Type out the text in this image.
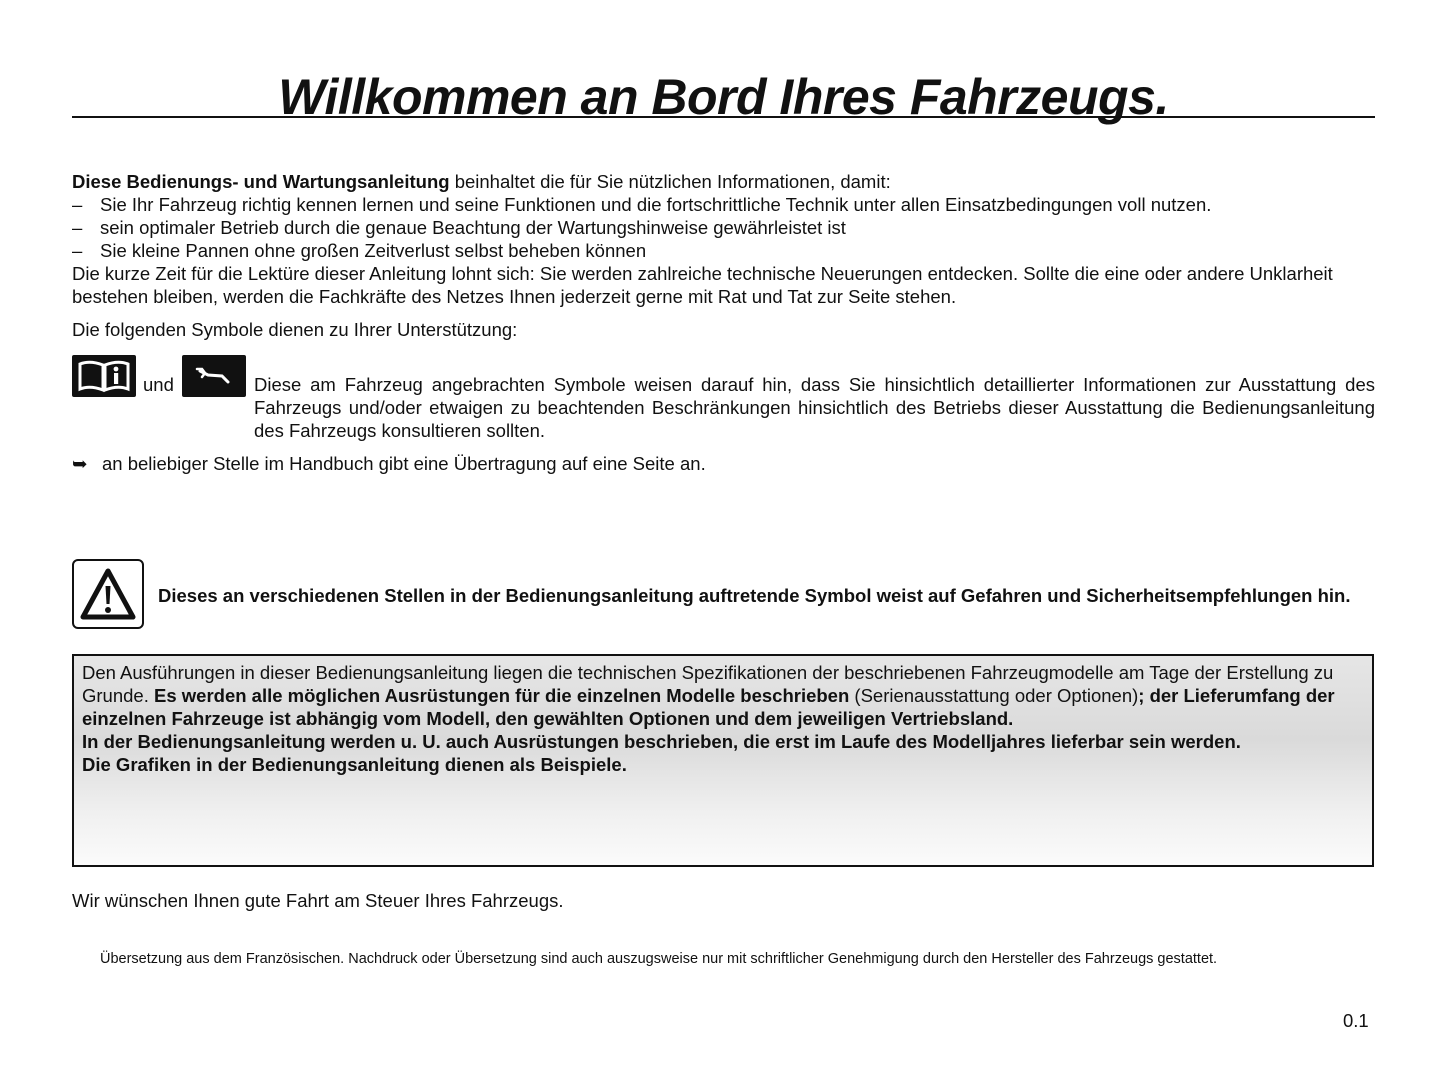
Willkommen an Bord Ihres Fahrzeugs.

Diese Bedienungs- und Wartungsanleitung beinhaltet die für Sie nützlichen Informationen, damit:

– Sie Ihr Fahrzeug richtig kennen lernen und seine Funktionen und die fortschrittliche Technik unter allen Einsatzbedingungen voll nutzen.
– sein optimaler Betrieb durch die genaue Beachtung der Wartungshinweise gewährleistet ist
– Sie kleine Pannen ohne großen Zeitverlust selbst beheben können

Die kurze Zeit für die Lektüre dieser Anleitung lohnt sich: Sie werden zahlreiche technische Neuerungen entdecken. Sollte die eine oder andere Unklarheit bestehen bleiben, werden die Fachkräfte des Netzes Ihnen jederzeit gerne mit Rat und Tat zur Seite stehen.

Die folgenden Symbole dienen zu Ihrer Unterstützung:
und	Diese am Fahrzeug angebrachten Symbole weisen darauf hin, dass Sie hinsichtlich detaillierter Informationen zur Ausstattung des Fahrzeugs und/oder etwaigen zu beachtenden Beschränkungen hinsichtlich des Betriebs dieser Ausstattung die Bedienungsanleitung des Fahrzeugs konsultieren sollten.
➥ an beliebiger Stelle im Handbuch gibt eine Übertragung auf eine Seite an.
Dieses an verschiedenen Stellen in der Bedienungsanleitung auftretende Symbol weist auf Gefahren und Sicherheitsempfehlungen hin.

Den Ausführungen in dieser Bedienungsanleitung liegen die technischen Spezifikationen der beschriebenen Fahrzeugmodelle am Tage der Erstellung zu Grunde. Es werden alle möglichen Ausrüstungen für die einzelnen Modelle beschrieben (Serienausstattung oder Optionen); der Lieferumfang der einzelnen Fahrzeuge ist abhängig vom Modell, den gewählten Optionen und dem jeweiligen Vertriebsland.

In der Bedienungsanleitung werden u. U. auch Ausrüstungen beschrieben, die erst im Laufe des Modelljahres lieferbar sein werden.

Die Grafiken in der Bedienungsanleitung dienen als Beispiele.

Wir wünschen Ihnen gute Fahrt am Steuer Ihres Fahrzeugs.
Übersetzung aus dem Französischen. Nachdruck oder Übersetzung sind auch auszugsweise nur mit schriftlicher Genehmigung durch den Hersteller des Fahrzeugs gestattet.
0.1
